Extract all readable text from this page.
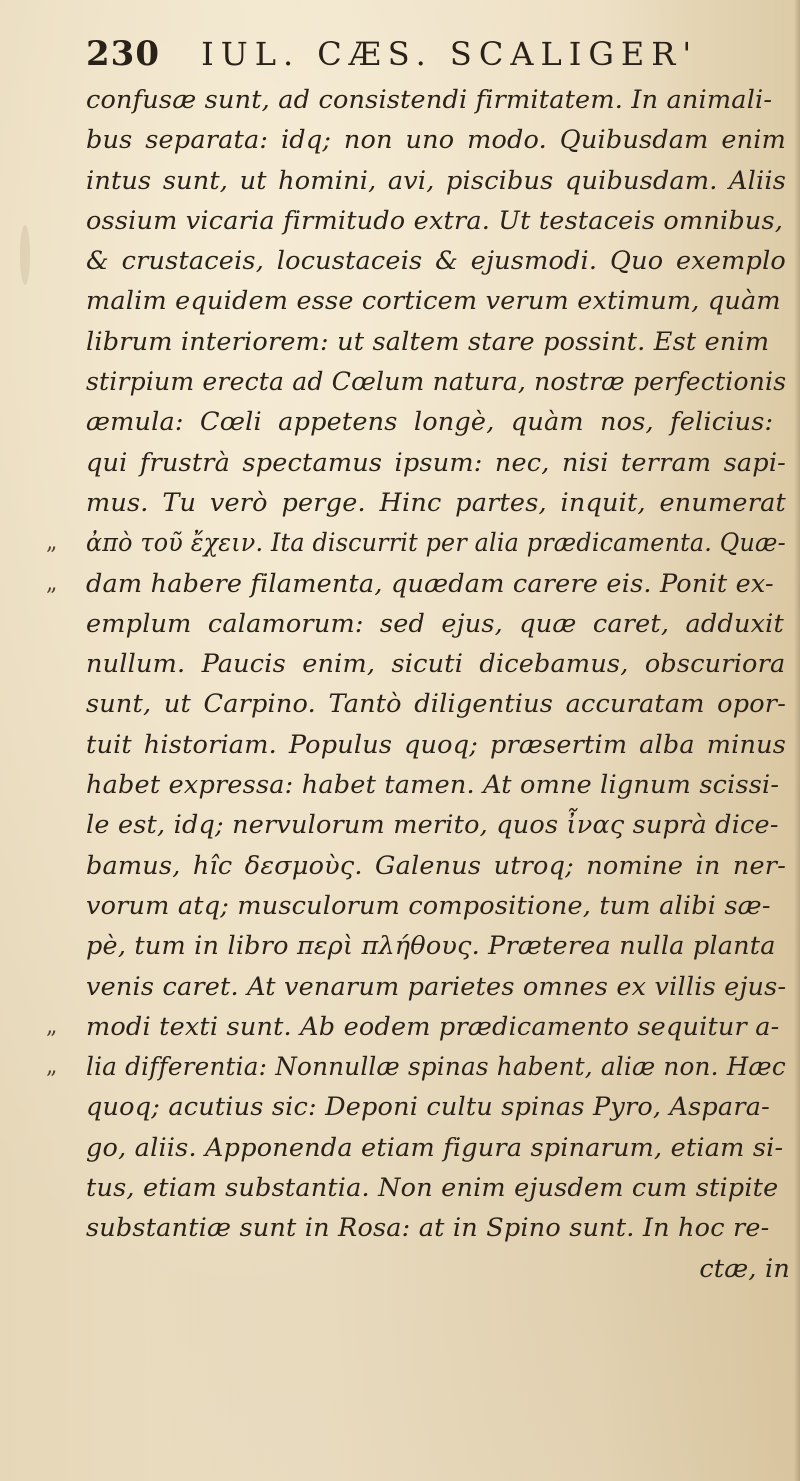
230 IUL. CÆS. SCALIGER'
confusæ sunt, ad consistendi firmitatem. In animali-
bus separata: idq; non uno modo. Quibusdam enim
intus sunt, ut homini, avi, piscibus quibusdam. Aliis
ossium vicaria firmitudo extra. Ut testaceis omnibus,
& crustaceis, locustaceis & ejusmodi. Quo exemplo
malim equidem esse corticem verum extimum, quàm
librum interiorem: ut saltem stare possint. Est enim
stirpium erecta ad Cœlum natura, nostræ perfectionis
æmula: Cœli appetens longè, quàm nos, felicius:
qui frustrà spectamus ipsum: nec, nisi terram sapi-
mus. Tu verò perge. Hinc partes, inquit, enumerat
„ ἀπὸ τοῦ ἔχειν. Ita discurrit per alia prædicamenta. Quæ-
„ dam habere filamenta, quædam carere eis. Ponit ex-
emplum calamorum: sed ejus, quæ caret, adduxit
nullum. Paucis enim, sicuti dicebamus, obscuriora
sunt, ut Carpino. Tantò diligentius accuratam opor-
tuit historiam. Populus quoq; præsertim alba minus
habet expressa: habet tamen. At omne lignum scissi-
le est, idq; nervulorum merito, quos ἶνας suprà dice-
bamus, hîc δεσμοὺς. Galenus utroq; nomine in ner-
vorum atq; musculorum compositione, tum alibi sæ-
pè, tum in libro περὶ πλήθους. Præterea nulla planta
venis caret. At venarum parietes omnes ex villis ejus-
„ modi texti sunt. Ab eodem prædicamento sequitur a-
„ lia differentia: Nonnullæ spinas habent, aliæ non. Hæc
quoq; acutius sic: Deponi cultu spinas Pyro, Aspara-
go, aliis. Apponenda etiam figura spinarum, etiam si-
tus, etiam substantia. Non enim ejusdem cum stipite
substantiæ sunt in Rosa: at in Spino sunt. In hoc re-
ctæ, in
